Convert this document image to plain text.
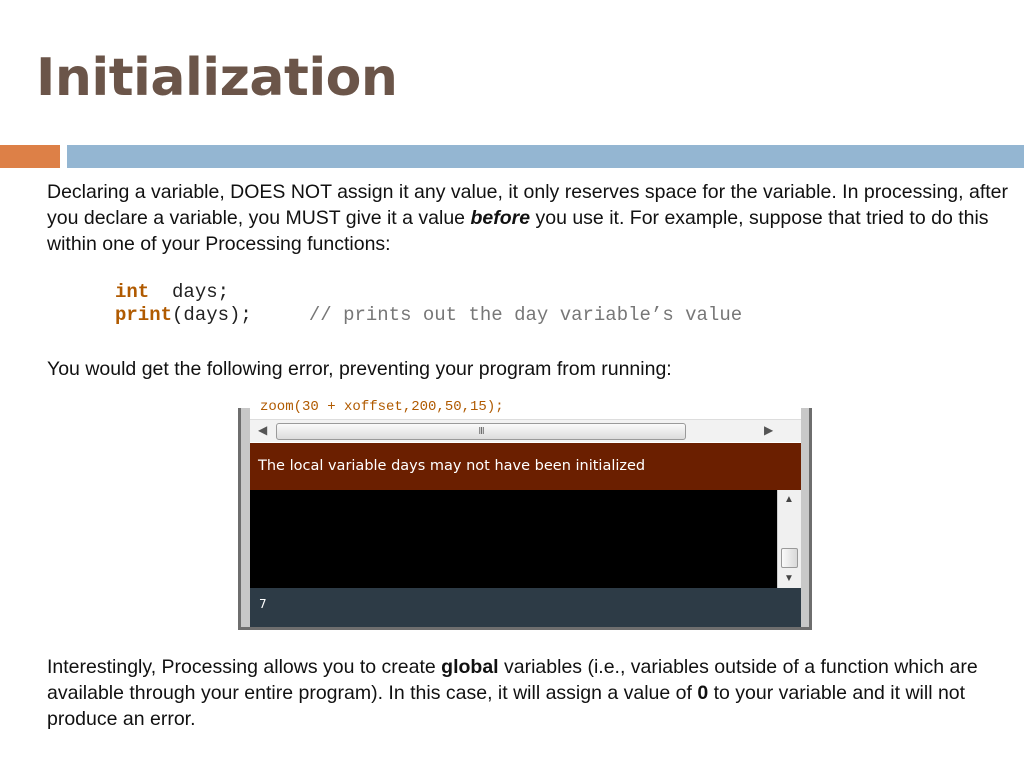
Initialization
Declaring a variable, DOES NOT assign it any value, it only reserves space for the variable. In processing, after you declare a variable, you MUST give it a value before you use it. For example, suppose that tried to do this within one of your Processing functions:
int  days;
print(days);	// prints out the day variable’s value
You would get the following error, preventing your program from running:
zoom(30 + xoffset,200,50,15);
◀	III	▶
The local variable days may not have been initialized
▲
▼
7
Interestingly, Processing allows you to create global variables (i.e., variables outside of a function which are available through your entire program). In this case, it will assign a value of 0 to your variable and it will not produce an error.
